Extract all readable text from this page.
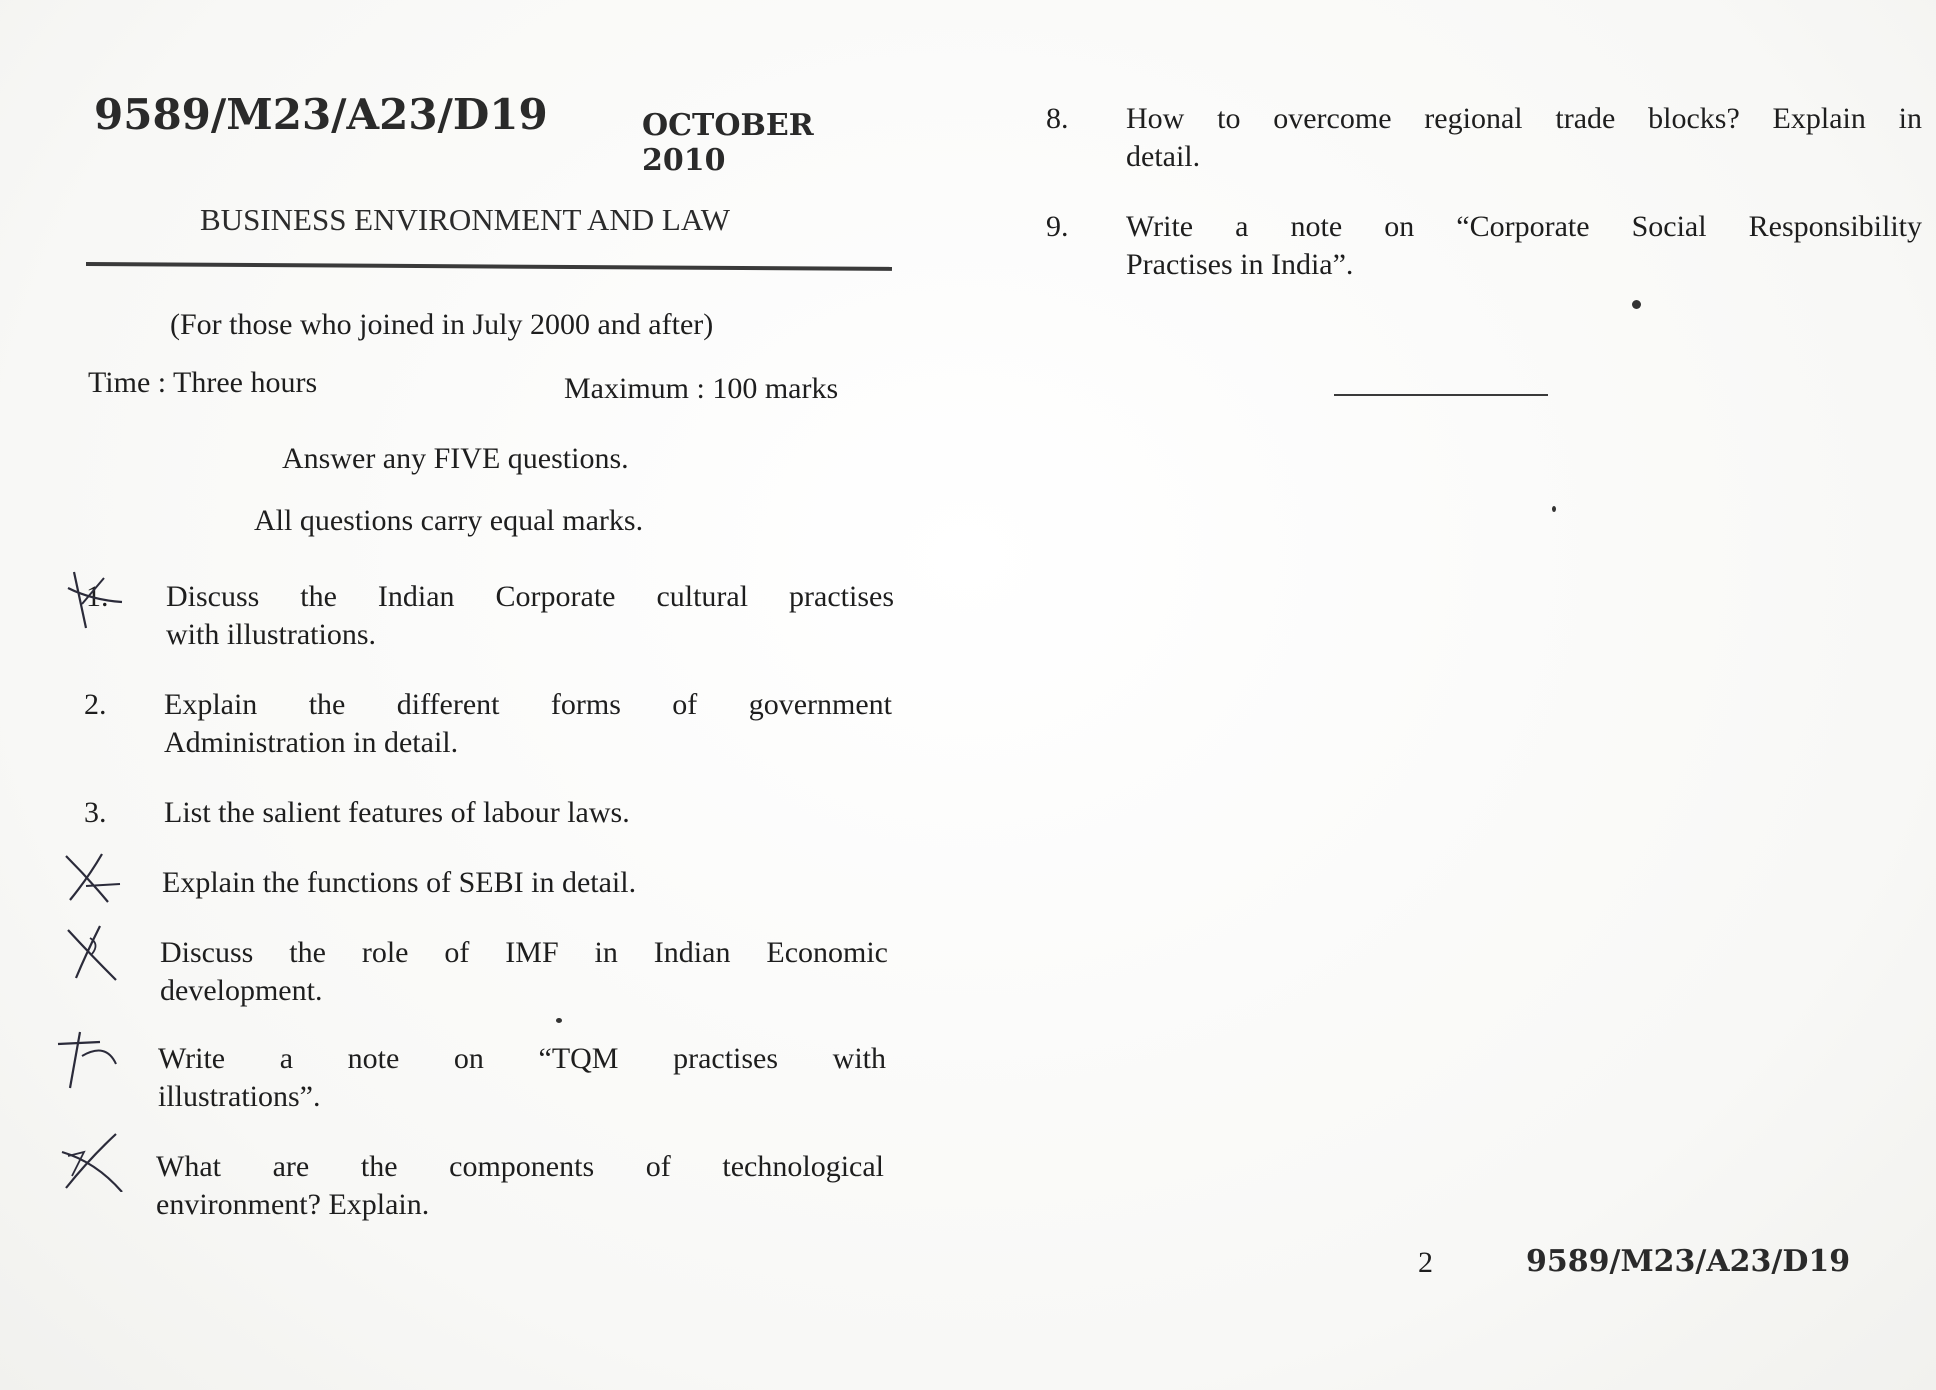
9589/M23/A23/D19	OCTOBER 2010
BUSINESS ENVIRONMENT AND LAW
(For those who joined in July 2000 and after)
Time : Three hours	Maximum : 100 marks
Answer any FIVE questions.
All questions carry equal marks.
1.	Discuss the Indian Corporate cultural practises
with illustrations.
2.	Explain the different forms of government
Administration in detail.
3.	List the salient features of labour laws.
Explain the functions of SEBI in detail.
Discuss the role of IMF in Indian Economic
development.
Write a note on “TQM practises with
illustrations”.
What are the components of technological
environment? Explain.
8.	How to overcome regional trade blocks? Explain in
detail.
9.	Write a note on “Corporate Social Responsibility
Practises in India”.
2	9589/M23/A23/D19
